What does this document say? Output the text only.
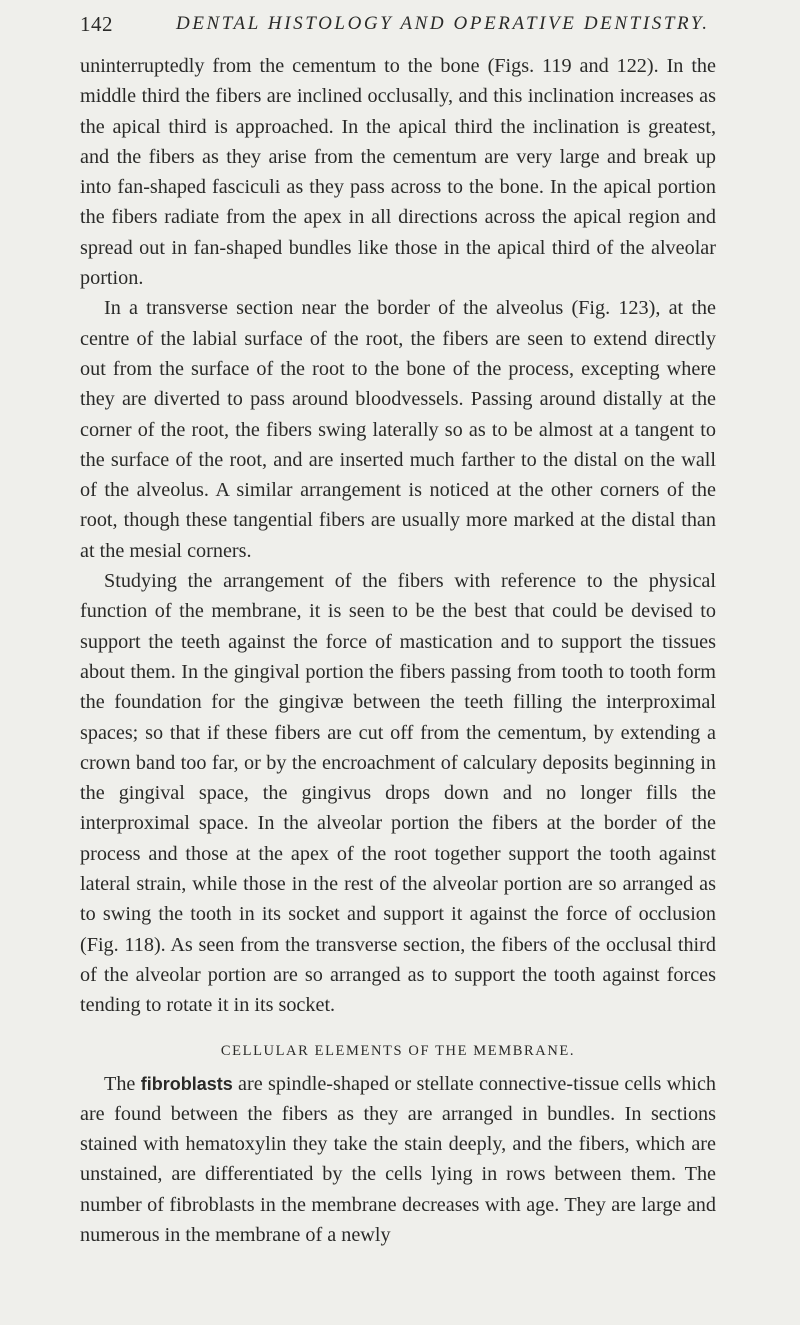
142	DENTAL HISTOLOGY AND OPERATIVE DENTISTRY.

uninterruptedly from the cementum to the bone (Figs. 119 and 122). In the middle third the fibers are inclined occlusally, and this inclination increases as the apical third is approached. In the apical third the inclination is greatest, and the fibers as they arise from the cementum are very large and break up into fan-shaped fasciculi as they pass across to the bone. In the apical portion the fibers radiate from the apex in all directions across the apical region and spread out in fan-shaped bundles like those in the apical third of the alveolar portion.

In a transverse section near the border of the alveolus (Fig. 123), at the centre of the labial surface of the root, the fibers are seen to extend directly out from the surface of the root to the bone of the process, excepting where they are diverted to pass around bloodvessels. Passing around distally at the corner of the root, the fibers swing laterally so as to be almost at a tangent to the surface of the root, and are inserted much farther to the distal on the wall of the alveolus. A similar arrangement is noticed at the other corners of the root, though these tangential fibers are usually more marked at the distal than at the mesial corners.

Studying the arrangement of the fibers with reference to the physical function of the membrane, it is seen to be the best that could be devised to support the teeth against the force of mastication and to support the tissues about them. In the gingival portion the fibers passing from tooth to tooth form the foundation for the gingivæ between the teeth filling the interproximal spaces; so that if these fibers are cut off from the cementum, by extending a crown band too far, or by the encroachment of calculary deposits beginning in the gingival space, the gingivus drops down and no longer fills the interproximal space. In the alveolar portion the fibers at the border of the process and those at the apex of the root together support the tooth against lateral strain, while those in the rest of the alveolar portion are so arranged as to swing the tooth in its socket and support it against the force of occlusion (Fig. 118). As seen from the transverse section, the fibers of the occlusal third of the alveolar portion are so arranged as to support the tooth against forces tending to rotate it in its socket.

CELLULAR ELEMENTS OF THE MEMBRANE.

The fibroblasts are spindle-shaped or stellate connective-tissue cells which are found between the fibers as they are arranged in bundles. In sections stained with hematoxylin they take the stain deeply, and the fibers, which are unstained, are differentiated by the cells lying in rows between them. The number of fibroblasts in the membrane decreases with age. They are large and numerous in the membrane of a newly
